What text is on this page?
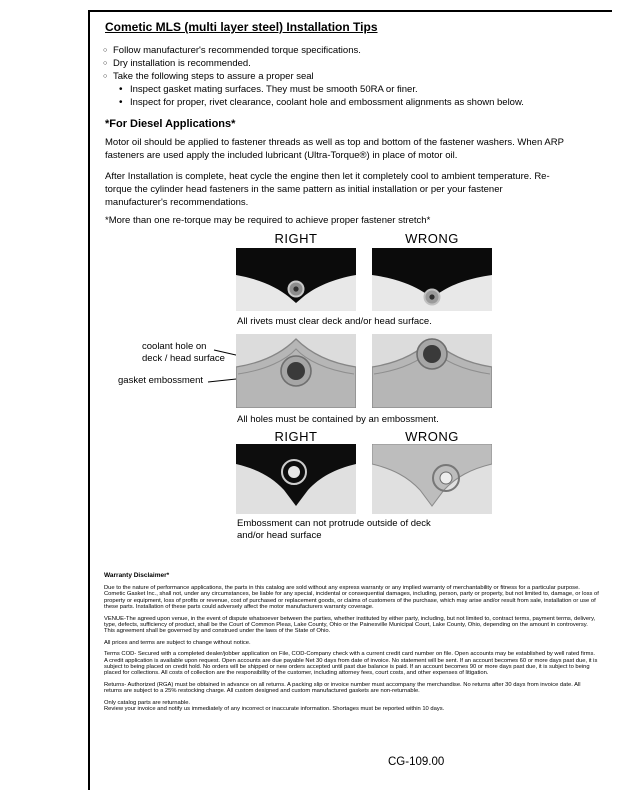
Cometic MLS (multi layer steel) Installation Tips
○ Follow manufacturer's recommended torque specifications.
○ Dry installation is recommended.
○ Take the following steps to assure a proper seal
• Inspect gasket mating surfaces. They must be smooth 50RA or finer.
• Inspect for proper, rivet clearance, coolant hole and embossment alignments as shown below.
*For Diesel Applications*

Motor oil should be applied to fastener threads as well as top and bottom of the fastener washers. When ARP fasteners are used apply the included lubricant (Ultra-Torque®) in place of motor oil.

After Installation is complete, heat cycle the engine then let it completely cool to ambient temperature. Re-torque the cylinder head fasteners in the same pattern as initial installation or per your fastener manufacturer's recommendations.

*More than one re-torque may be required to achieve proper fastener stretch*
RIGHT	WRONG
All rivets must clear deck and/or head surface.
coolant hole on
deck / head surface
gasket embossment
All holes must be contained by an embossment.
RIGHT	WRONG
Embossment can not protrude outside of deck and/or head surface
Warranty Disclaimer*

Due to the nature of performance applications, the parts in this catalog are sold without any express warranty or any implied warranty of merchantability or fitness for a particular purpose. Cometic Gasket Inc., shall not, under any circumstances, be liable for any special, incidental or consequential damages, including, person, party or property, but not limited to, damage, or loss of property or equipment, loss of profits or revenue, cost of purchased or replacement goods, or claims of customers of the purchase, which may arise and/or result from sale, installation or use of these parts. Installation of these parts could adversely affect the motor manufacturers warranty coverage.

VENUE-The agreed upon venue, in the event of dispute whatsoever between the parties, whether instituted by either party, including, but not limited to, contract terms, payment terms, delivery, type, defects, sufficiency of product, shall be the Court of Common Pleas, Lake County, Ohio or the Painesville Municipal Court, Lake County, Ohio, depending on the amount in controversy. This agreement shall be governed by and construed under the laws of the State of Ohio.

All prices and terms are subject to change without notice.

Terms COD- Secured with a completed dealer/jobber application on File, COD-Company check with a current credit card number on file. Open accounts may be established by well rated firms. A credit application is available upon request. Open accounts are due payable Net 30 days from date of invoice. No statement will be sent. If an account becomes 60 or more days past due, it is subject to being placed on credit hold. No orders will be shipped or new orders accepted until past due balance is paid. If an account becomes 90 or more days past due, it is subject to being placed for collections. All costs of collection are the responsibility of the customer, including attorney fees, court costs, and other expenses of litigation.

Returns- Authorized (RGA) must be obtained in advance on all returns. A packing slip or invoice number must accompany the merchandise. No returns after 30 days from invoice date. All returns are subject to a 25% restocking charge. All custom designed and custom manufactured gaskets are non-returnable.

Only catalog parts are returnable.

Review your invoice and notify us immediately of any incorrect or inaccurate information. Shortages must be reported within 10 days.

CG-109.00
